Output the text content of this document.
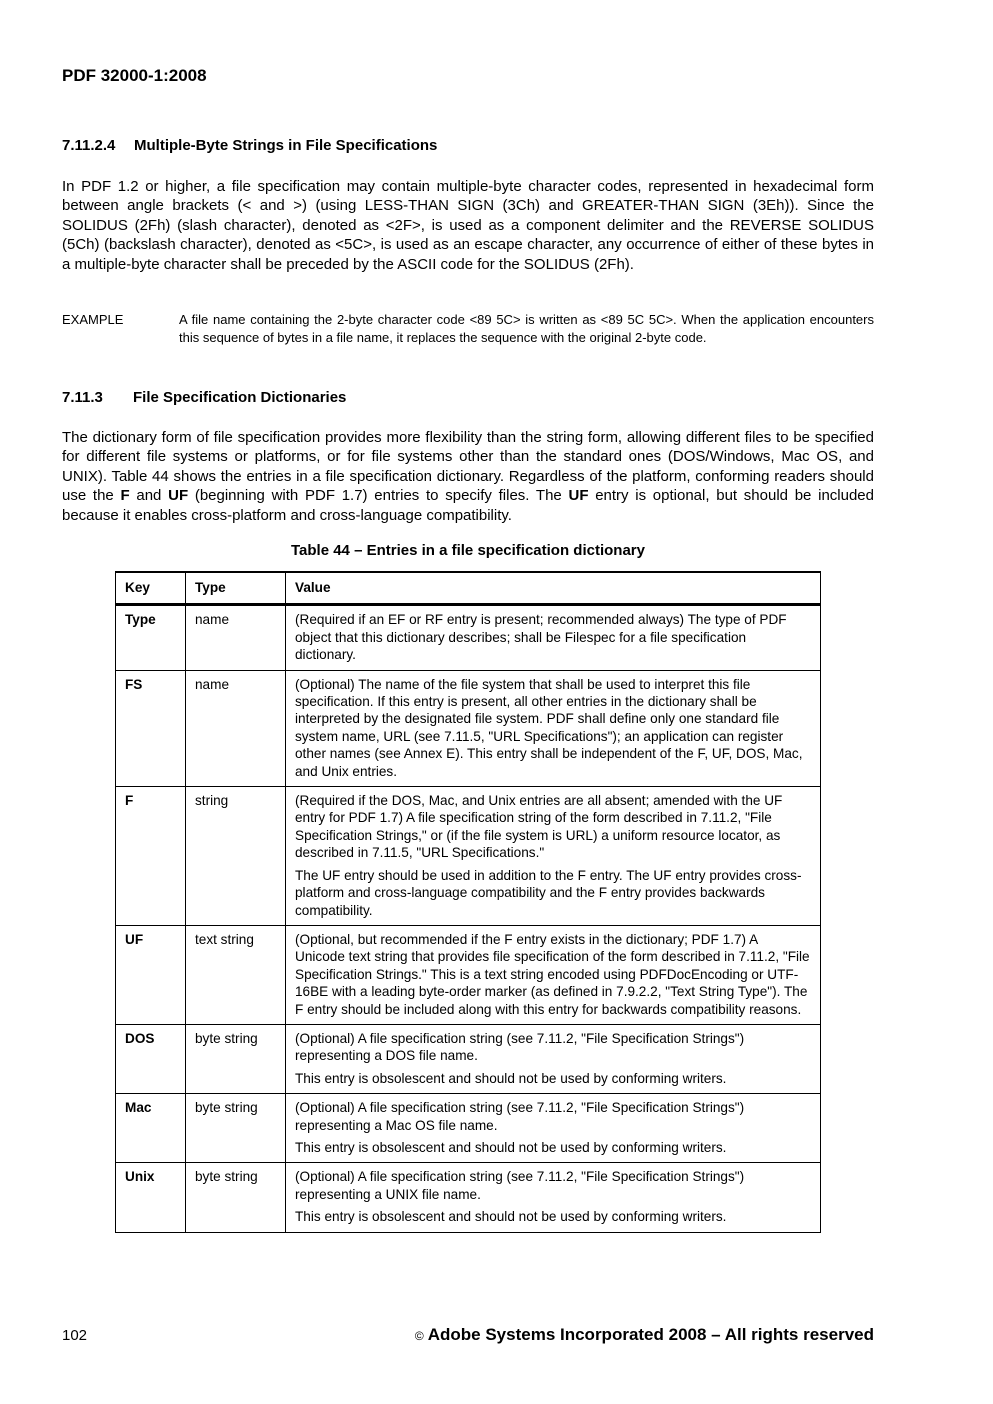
PDF 32000-1:2008
7.11.2.4 Multiple-Byte Strings in File Specifications
In PDF 1.2 or higher, a file specification may contain multiple-byte character codes, represented in hexadecimal form between angle brackets (< and >) (using LESS-THAN SIGN (3Ch) and GREATER-THAN SIGN (3Eh)). Since the SOLIDUS (2Fh) (slash character), denoted as <2F>, is used as a component delimiter and the REVERSE SOLIDUS (5Ch) (backslash character), denoted as <5C>, is used as an escape character, any occurrence of either of these bytes in a multiple-byte character shall be preceded by the ASCII code for the SOLIDUS (2Fh).
EXAMPLE	A file name containing the 2-byte character code <89 5C> is written as <89 5C 5C>. When the application encounters this sequence of bytes in a file name, it replaces the sequence with the original 2-byte code.
7.11.3 File Specification Dictionaries
The dictionary form of file specification provides more flexibility than the string form, allowing different files to be specified for different file systems or platforms, or for file systems other than the standard ones (DOS/Windows, Mac OS, and UNIX). Table 44 shows the entries in a file specification dictionary. Regardless of the platform, conforming readers should use the F and UF (beginning with PDF 1.7) entries to specify files. The UF entry is optional, but should be included because it enables cross-platform and cross-language compatibility.
Table 44 – Entries in a file specification dictionary
Key	Type	Value
Type	name	(Required if an EF or RF entry is present; recommended always) The type of PDF object that this dictionary describes; shall be Filespec for a file specification dictionary.

FS	name	(Optional) The name of the file system that shall be used to interpret this file specification. If this entry is present, all other entries in the dictionary shall be interpreted by the designated file system. PDF shall define only one standard file system name, URL (see 7.11.5, "URL Specifications"); an application can register other names (see Annex E). This entry shall be independent of the F, UF, DOS, Mac, and Unix entries.

F	string	(Required if the DOS, Mac, and Unix entries are all absent; amended with the UF entry for PDF 1.7) A file specification string of the form described in 7.11.2, "File Specification Strings," or (if the file system is URL) a uniform resource locator, as described in 7.11.5, "URL Specifications."

The UF entry should be used in addition to the F entry. The UF entry provides cross-platform and cross-language compatibility and the F entry provides backwards compatibility.

UF	text string	(Optional, but recommended if the F entry exists in the dictionary; PDF 1.7) A Unicode text string that provides file specification of the form described in 7.11.2, "File Specification Strings." This is a text string encoded using PDFDocEncoding or UTF-16BE with a leading byte-order marker (as defined in 7.9.2.2, "Text String Type"). The F entry should be included along with this entry for backwards compatibility reasons.

DOS	byte string	(Optional) A file specification string (see 7.11.2, "File Specification Strings") representing a DOS file name.

This entry is obsolescent and should not be used by conforming writers.

Mac	byte string	(Optional) A file specification string (see 7.11.2, "File Specification Strings") representing a Mac OS file name.

This entry is obsolescent and should not be used by conforming writers.

Unix	byte string	(Optional) A file specification string (see 7.11.2, "File Specification Strings") representing a UNIX file name.

This entry is obsolescent and should not be used by conforming writers.

102	© Adobe Systems Incorporated 2008 – All rights reserved
